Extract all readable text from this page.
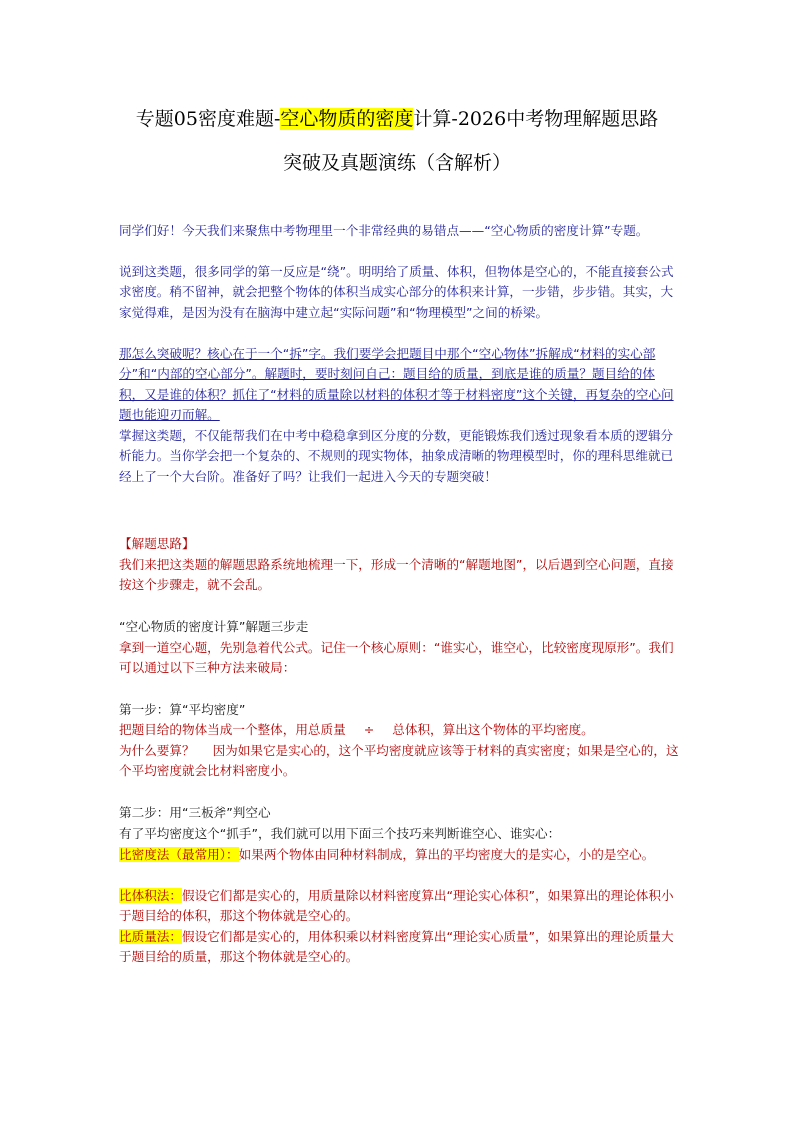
专题05密度难题-空心物质的密度计算-2026中考物理解题思路
突破及真题演练（含解析）
同学们好！今天我们来聚焦中考物理里一个非常经典的易错点——“空心物质的密度计算”专题。
说到这类题，很多同学的第一反应是“绕”。明明给了质量、体积，但物体是空心的，不能直接套公式求密度。稍不留神，就会把整个物体的体积当成实心部分的体积来计算，一步错，步步错。其实，大家觉得难，是因为没有在脑海中建立起“实际问题”和“物理模型”之间的桥梁。
那怎么突破呢？核心在于一个“拆”字。我们要学会把题目中那个“空心物体”拆解成“材料的实心部分”和“内部的空心部分”。解题时，要时刻问自己：题目给的质量，到底是谁的质量？题目给的体积，又是谁的体积？抓住了“材料的质量除以材料的体积才等于材料密度”这个关键，再复杂的空心问题也能迎刃而解。
掌握这类题，不仅能帮我们在中考中稳稳拿到区分度的分数，更能锻炼我们透过现象看本质的逻辑分析能力。当你学会把一个复杂的、不规则的现实物体，抽象成清晰的物理模型时，你的理科思维就已经上了一个大台阶。准备好了吗？让我们一起进入今天的专题突破！
【解题思路】
我们来把这类题的解题思路系统地梳理一下，形成一个清晰的“解题地图”，以后遇到空心问题，直接按这个步骤走，就不会乱。
“空心物质的密度计算”解题三步走
拿到一道空心题，先别急着代公式。记住一个核心原则：“谁实心，谁空心，比较密度现原形”。我们可以通过以下三种方法来破局：
第一步：算“平均密度”
把题目给的物体当成一个整体，用总质量 ÷ 总体积，算出这个物体的平均密度。
为什么要算？ 因为如果它是实心的，这个平均密度就应该等于材料的真实密度；如果是空心的，这个平均密度就会比材料密度小。
第二步：用“三板斧”判空心
有了平均密度这个“抓手”，我们就可以用下面三个技巧来判断谁空心、谁实心：
比密度法（最常用）：如果两个物体由同种材料制成，算出的平均密度大的是实心，小的是空心。
比体积法：假设它们都是实心的，用质量除以材料密度算出“理论实心体积”，如果算出的理论体积小于题目给的体积，那这个物体就是空心的。
比质量法：假设它们都是实心的，用体积乘以材料密度算出“理论实心质量”，如果算出的理论质量大于题目给的质量，那这个物体就是空心的。
